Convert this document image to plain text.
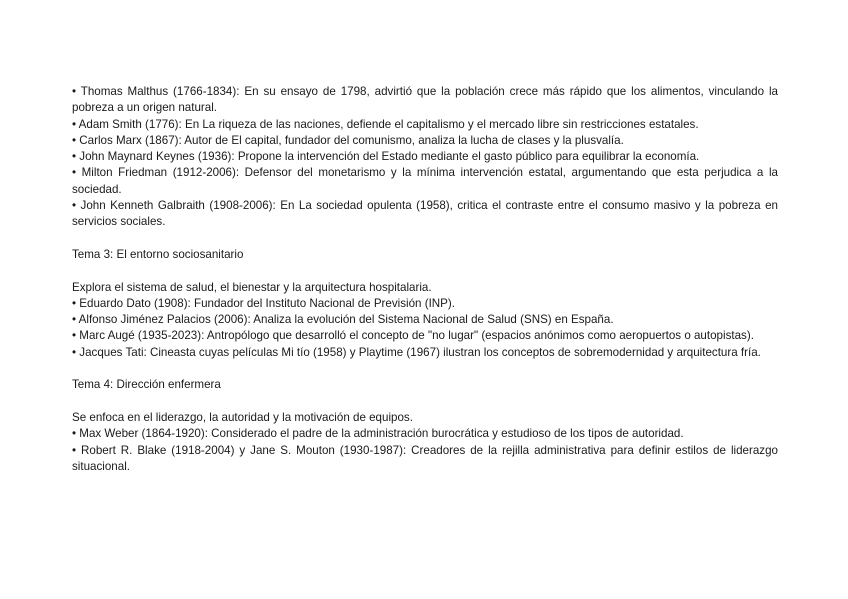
• Thomas Malthus (1766-1834): En su ensayo de 1798, advirtió que la población crece más rápido que los alimentos, vinculando la pobreza a un origen natural.

• Adam Smith (1776): En La riqueza de las naciones, defiende el capitalismo y el mercado libre sin restricciones estatales.

• Carlos Marx (1867): Autor de El capital, fundador del comunismo, analiza la lucha de clases y la plusvalía.

• John Maynard Keynes (1936): Propone la intervención del Estado mediante el gasto público para equilibrar la economía.

• Milton Friedman (1912-2006): Defensor del monetarismo y la mínima intervención estatal, argumentando que esta perjudica a la sociedad.

• John Kenneth Galbraith (1908-2006): En La sociedad opulenta (1958), critica el contraste entre el consumo masivo y la pobreza en servicios sociales.

Tema 3: El entorno sociosanitario

Explora el sistema de salud, el bienestar y la arquitectura hospitalaria.

• Eduardo Dato (1908): Fundador del Instituto Nacional de Previsión (INP).

• Alfonso Jiménez Palacios (2006): Analiza la evolución del Sistema Nacional de Salud (SNS) en España.

• Marc Augé (1935-2023): Antropólogo que desarrolló el concepto de "no lugar" (espacios anónimos como aeropuertos o autopistas).

• Jacques Tati: Cineasta cuyas películas Mi tío (1958) y Playtime (1967) ilustran los conceptos de sobremodernidad y arquitectura fría.

Tema 4: Dirección enfermera

Se enfoca en el liderazgo, la autoridad y la motivación de equipos.

• Max Weber (1864-1920): Considerado el padre de la administración burocrática y estudioso de los tipos de autoridad.

• Robert R. Blake (1918-2004) y Jane S. Mouton (1930-1987): Creadores de la rejilla administrativa para definir estilos de liderazgo situacional.
